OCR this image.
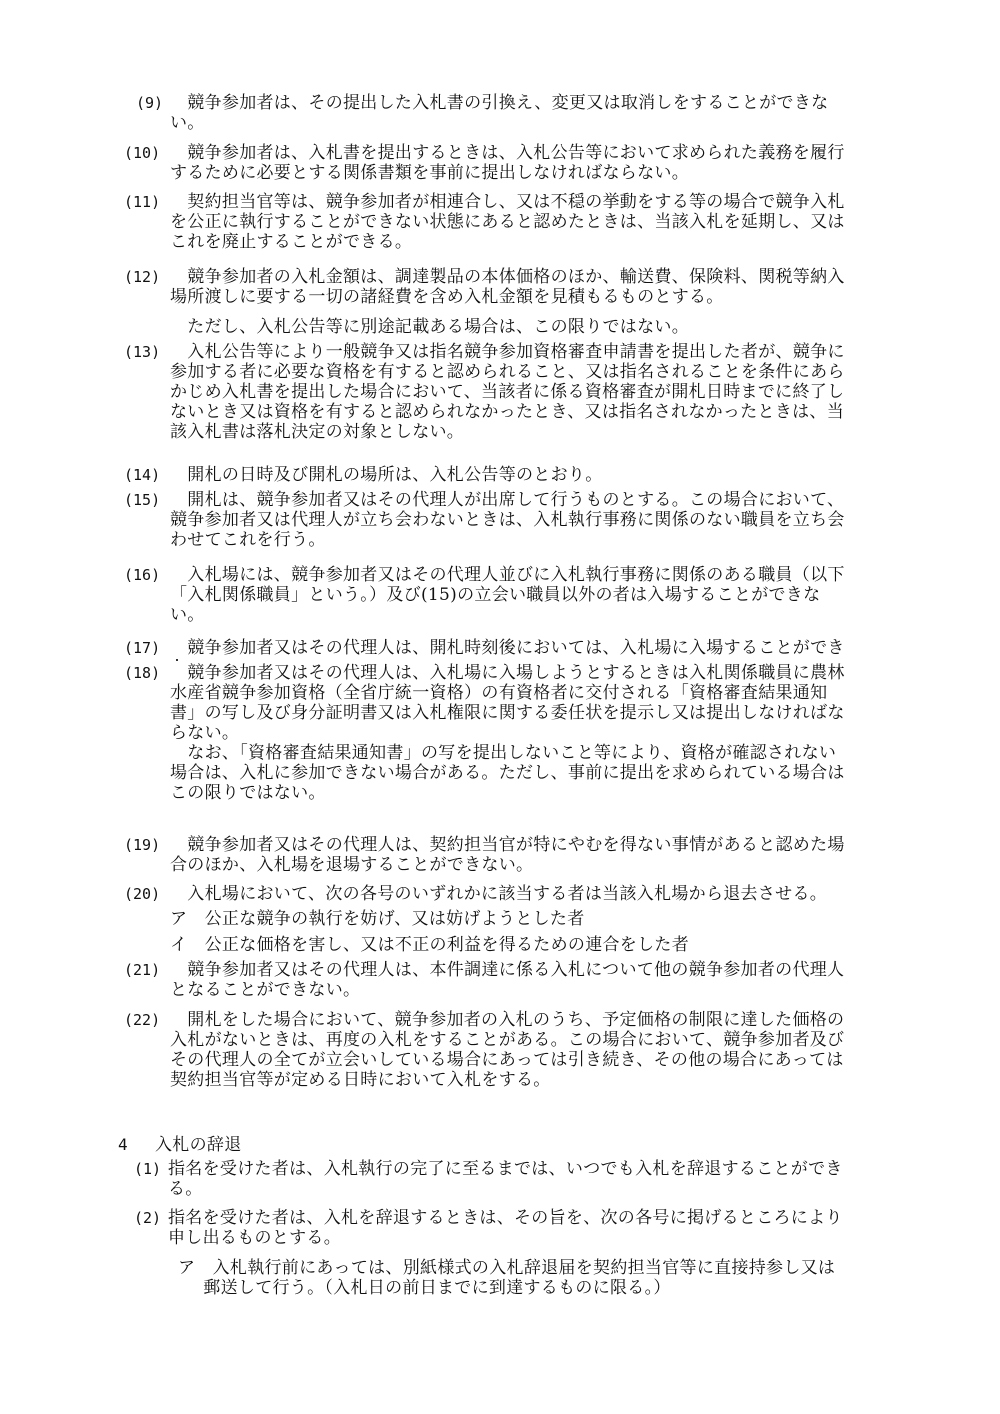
(9) 　競争参加者は、その提出した入札書の引換え、変更又は取消しをすることができな

い。

(10) 　競争参加者は、入札書を提出するときは、入札公告等において求められた義務を履行

するために必要とする関係書類を事前に提出しなければならない。

(11) 　契約担当官等は、競争参加者が相連合し、又は不穏の挙動をする等の場合で競争入札

を公正に執行することができない状態にあると認めたときは、当該入札を延期し、又は

これを廃止することができる。

(12) 　競争参加者の入札金額は、調達製品の本体価格のほか、輸送費、保険料、関税等納入

場所渡しに要する一切の諸経費を含め入札金額を見積もるものとする。

　ただし、入札公告等に別途記載ある場合は、この限りではない。

(13) 　入札公告等により一般競争又は指名競争参加資格審査申請書を提出した者が、競争に

参加する者に必要な資格を有すると認められること、又は指名されることを条件にあら

かじめ入札書を提出した場合において、当該者に係る資格審査が開札日時までに終了し

ないとき又は資格を有すると認められなかったとき、又は指名されなかったときは、当

該入札書は落札決定の対象としない。

(14) 　開札の日時及び開札の場所は、入札公告等のとおり。

(15) 　開札は、競争参加者又はその代理人が出席して行うものとする。この場合において、

競争参加者又は代理人が立ち会わないときは、入札執行事務に関係のない職員を立ち会

わせてこれを行う。

(16) 　入札場には、競争参加者又はその代理人並びに入札執行事務に関係のある職員（以下

「入札関係職員」という。）及び(15)の立会い職員以外の者は入場することができな

い。

(17) 　競争参加者又はその代理人は、開札時刻後においては、入札場に入場することができ

(18) 　競争参加者又はその代理人は、入札場に入場しようとするときは入札関係職員に農林

水産省競争参加資格（全省庁統一資格）の有資格者に交付される「資格審査結果通知

書」の写し及び身分証明書又は入札権限に関する委任状を提示し又は提出しなければな

らない。

　なお、「資格審査結果通知書」の写を提出しないこと等により、資格が確認されない

場合は、入札に参加できない場合がある。ただし、事前に提出を求められている場合は

この限りではない。

(19) 　競争参加者又はその代理人は、契約担当官が特にやむを得ない事情があると認めた場

合のほか、入札場を退場することができない。

(20) 　入札場において、次の各号のいずれかに該当する者は当該入札場から退去させる。

ア　公正な競争の執行を妨げ、又は妨げようとした者

イ　公正な価格を害し、又は不正の利益を得るための連合をした者

(21) 　競争参加者又はその代理人は、本件調達に係る入札について他の競争参加者の代理人

となることができない。

(22) 　開札をした場合において、競争参加者の入札のうち、予定価格の制限に達した価格の

入札がないときは、再度の入札をすることがある。この場合において、競争参加者及び

その代理人の全てが立会いしている場合にあっては引き続き、その他の場合にあっては

契約担当官等が定める日時において入札をする。

4 入札の辞退

(1) 指名を受けた者は、入札執行の完了に至るまでは、いつでも入札を辞退することができ

る。

(2) 指名を受けた者は、入札を辞退するときは、その旨を、次の各号に掲げるところにより

申し出るものとする。

ア　入札執行前にあっては、別紙様式の入札辞退届を契約担当官等に直接持参し又は

　郵送して行う。（入札日の前日までに到達するものに限る。）
